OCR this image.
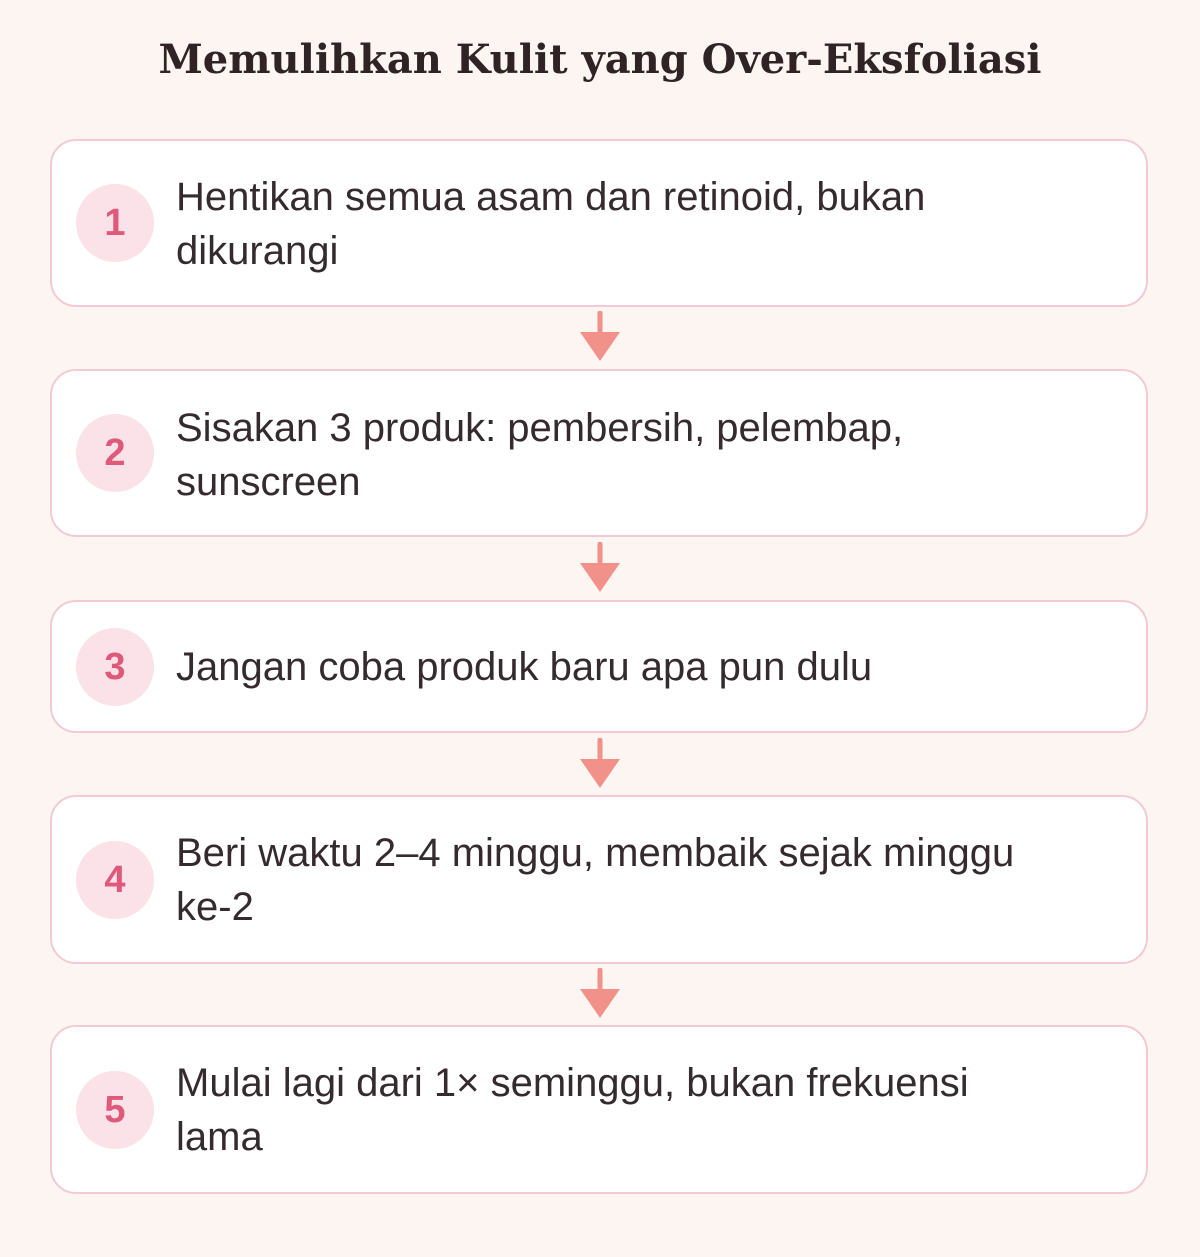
Memulihkan Kulit yang Over-Eksfoliasi
1
Hentikan semua asam dan retinoid, bukan dikurangi
2
Sisakan 3 produk: pembersih, pelembap, sunscreen
3	Jangan coba produk baru apa pun dulu
4
Beri waktu 2–4 minggu, membaik sejak minggu ke-2
5
Mulai lagi dari 1× seminggu, bukan frekuensi lama
